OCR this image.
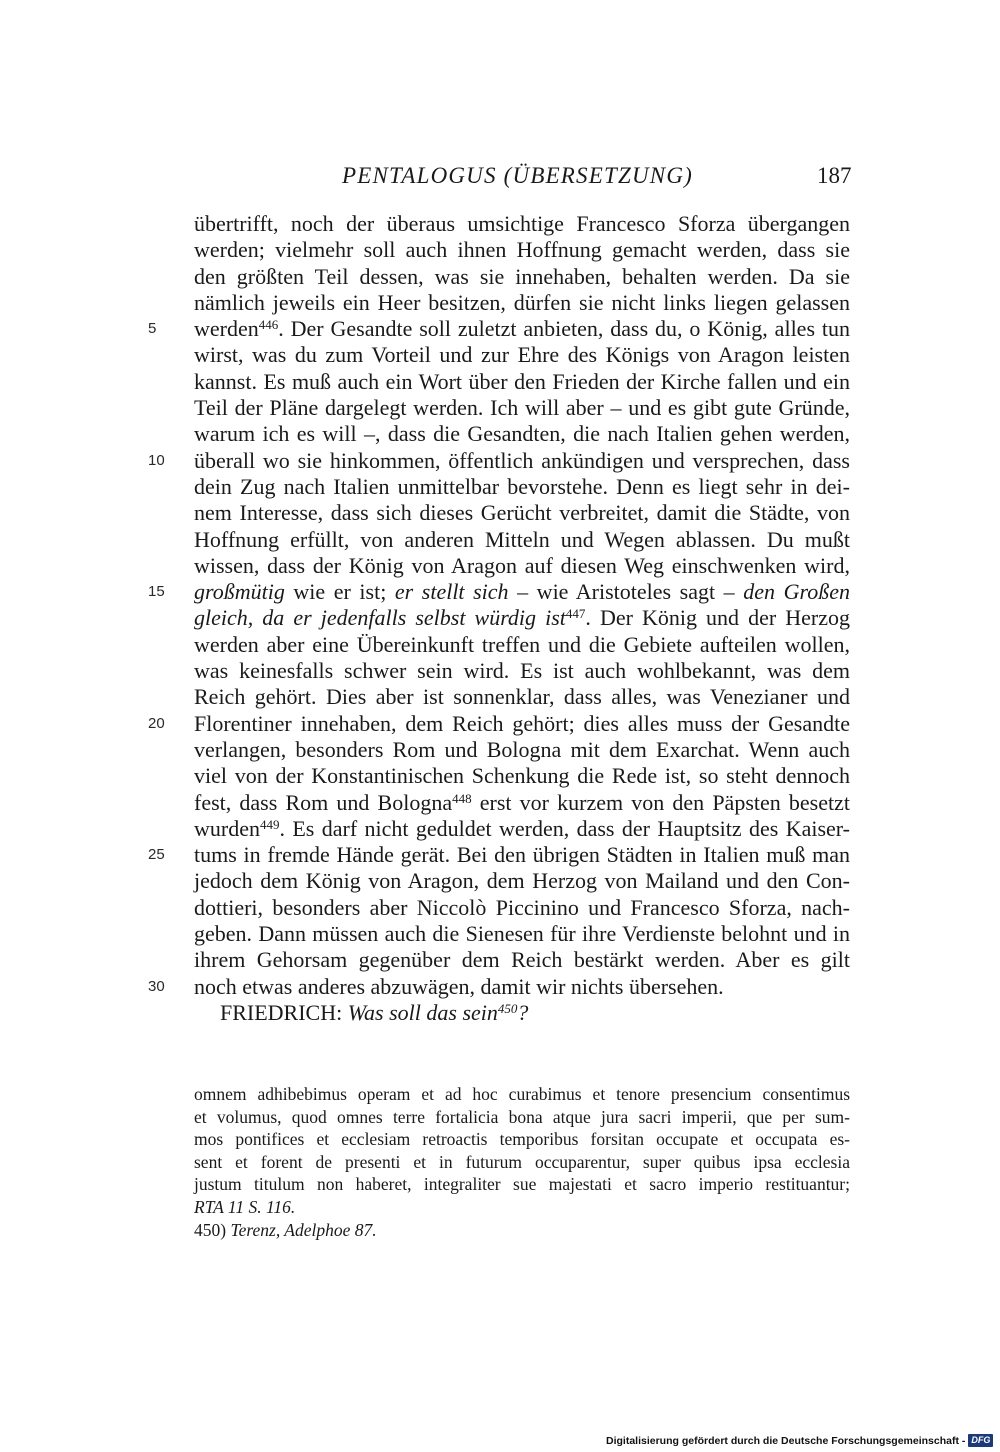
PENTALOGUS (ÜBERSETZUNG)	187
übertrifft, noch der überaus umsichtige Francesco Sforza übergangen
werden; vielmehr soll auch ihnen Hoffnung gemacht werden, dass sie
den größten Teil dessen, was sie innehaben, behalten werden. Da sie
nämlich jeweils ein Heer besitzen, dürfen sie nicht links liegen gelassen
5 werden$^{446}$. Der Gesandte soll zuletzt anbieten, dass du, o König, alles tun
wirst, was du zum Vorteil und zur Ehre des Königs von Aragon leisten
kannst. Es muß auch ein Wort über den Frieden der Kirche fallen und ein
Teil der Pläne dargelegt werden. Ich will aber – und es gibt gute Gründe,
warum ich es will –, dass die Gesandten, die nach Italien gehen werden,
10 überall wo sie hinkommen, öffentlich ankündigen und versprechen, dass
dein Zug nach Italien unmittelbar bevorstehe. Denn es liegt sehr in dei-
nem Interesse, dass sich dieses Gerücht verbreitet, damit die Städte, von
Hoffnung erfüllt, von anderen Mitteln und Wegen ablassen. Du mußt
wissen, dass der König von Aragon auf diesen Weg einschwenken wird,
15 großmütig wie er ist; er stellt sich – wie Aristoteles sagt – den Großen
gleich, da er jedenfalls selbst würdig ist$^{447}$. Der König und der Herzog
werden aber eine Übereinkunft treffen und die Gebiete aufteilen wollen,
was keinesfalls schwer sein wird. Es ist auch wohlbekannt, was dem
Reich gehört. Dies aber ist sonnenklar, dass alles, was Venezianer und
20 Florentiner innehaben, dem Reich gehört; dies alles muss der Gesandte
verlangen, besonders Rom und Bologna mit dem Exarchat. Wenn auch
viel von der Konstantinischen Schenkung die Rede ist, so steht dennoch
fest, dass Rom und Bologna$^{448}$ erst vor kurzem von den Päpsten besetzt
wurden$^{449}$. Es darf nicht geduldet werden, dass der Hauptsitz des Kaiser-
25 tums in fremde Hände gerät. Bei den übrigen Städten in Italien muß man
jedoch dem König von Aragon, dem Herzog von Mailand und den Con-
dottieri, besonders aber Niccolò Piccinino und Francesco Sforza, nach-
geben. Dann müssen auch die Sienesen für ihre Verdienste belohnt und in
ihrem Gehorsam gegenüber dem Reich bestärkt werden. Aber es gilt
30 noch etwas anderes abzuwägen, damit wir nichts übersehen.
FRIEDRICH: Was soll das sein$^{450}$?
omnem adhibebimus operam et ad hoc curabimus et tenore presencium consentimus
et volumus, quod omnes terre fortalicia bona atque jura sacri imperii, que per sum-
mos pontifices et ecclesiam retroactis temporibus forsitan occupate et occupata es-
sent et forent de presenti et in futurum occuparentur, super quibus ipsa ecclesia
justum titulum non haberet, integraliter sue majestati et sacro imperio restituantur;
RTA 11 S. 116.
450) Terenz, Adelphoe 87.
Digitalisierung gefördert durch die Deutsche Forschungsgemeinschaft - DFG
